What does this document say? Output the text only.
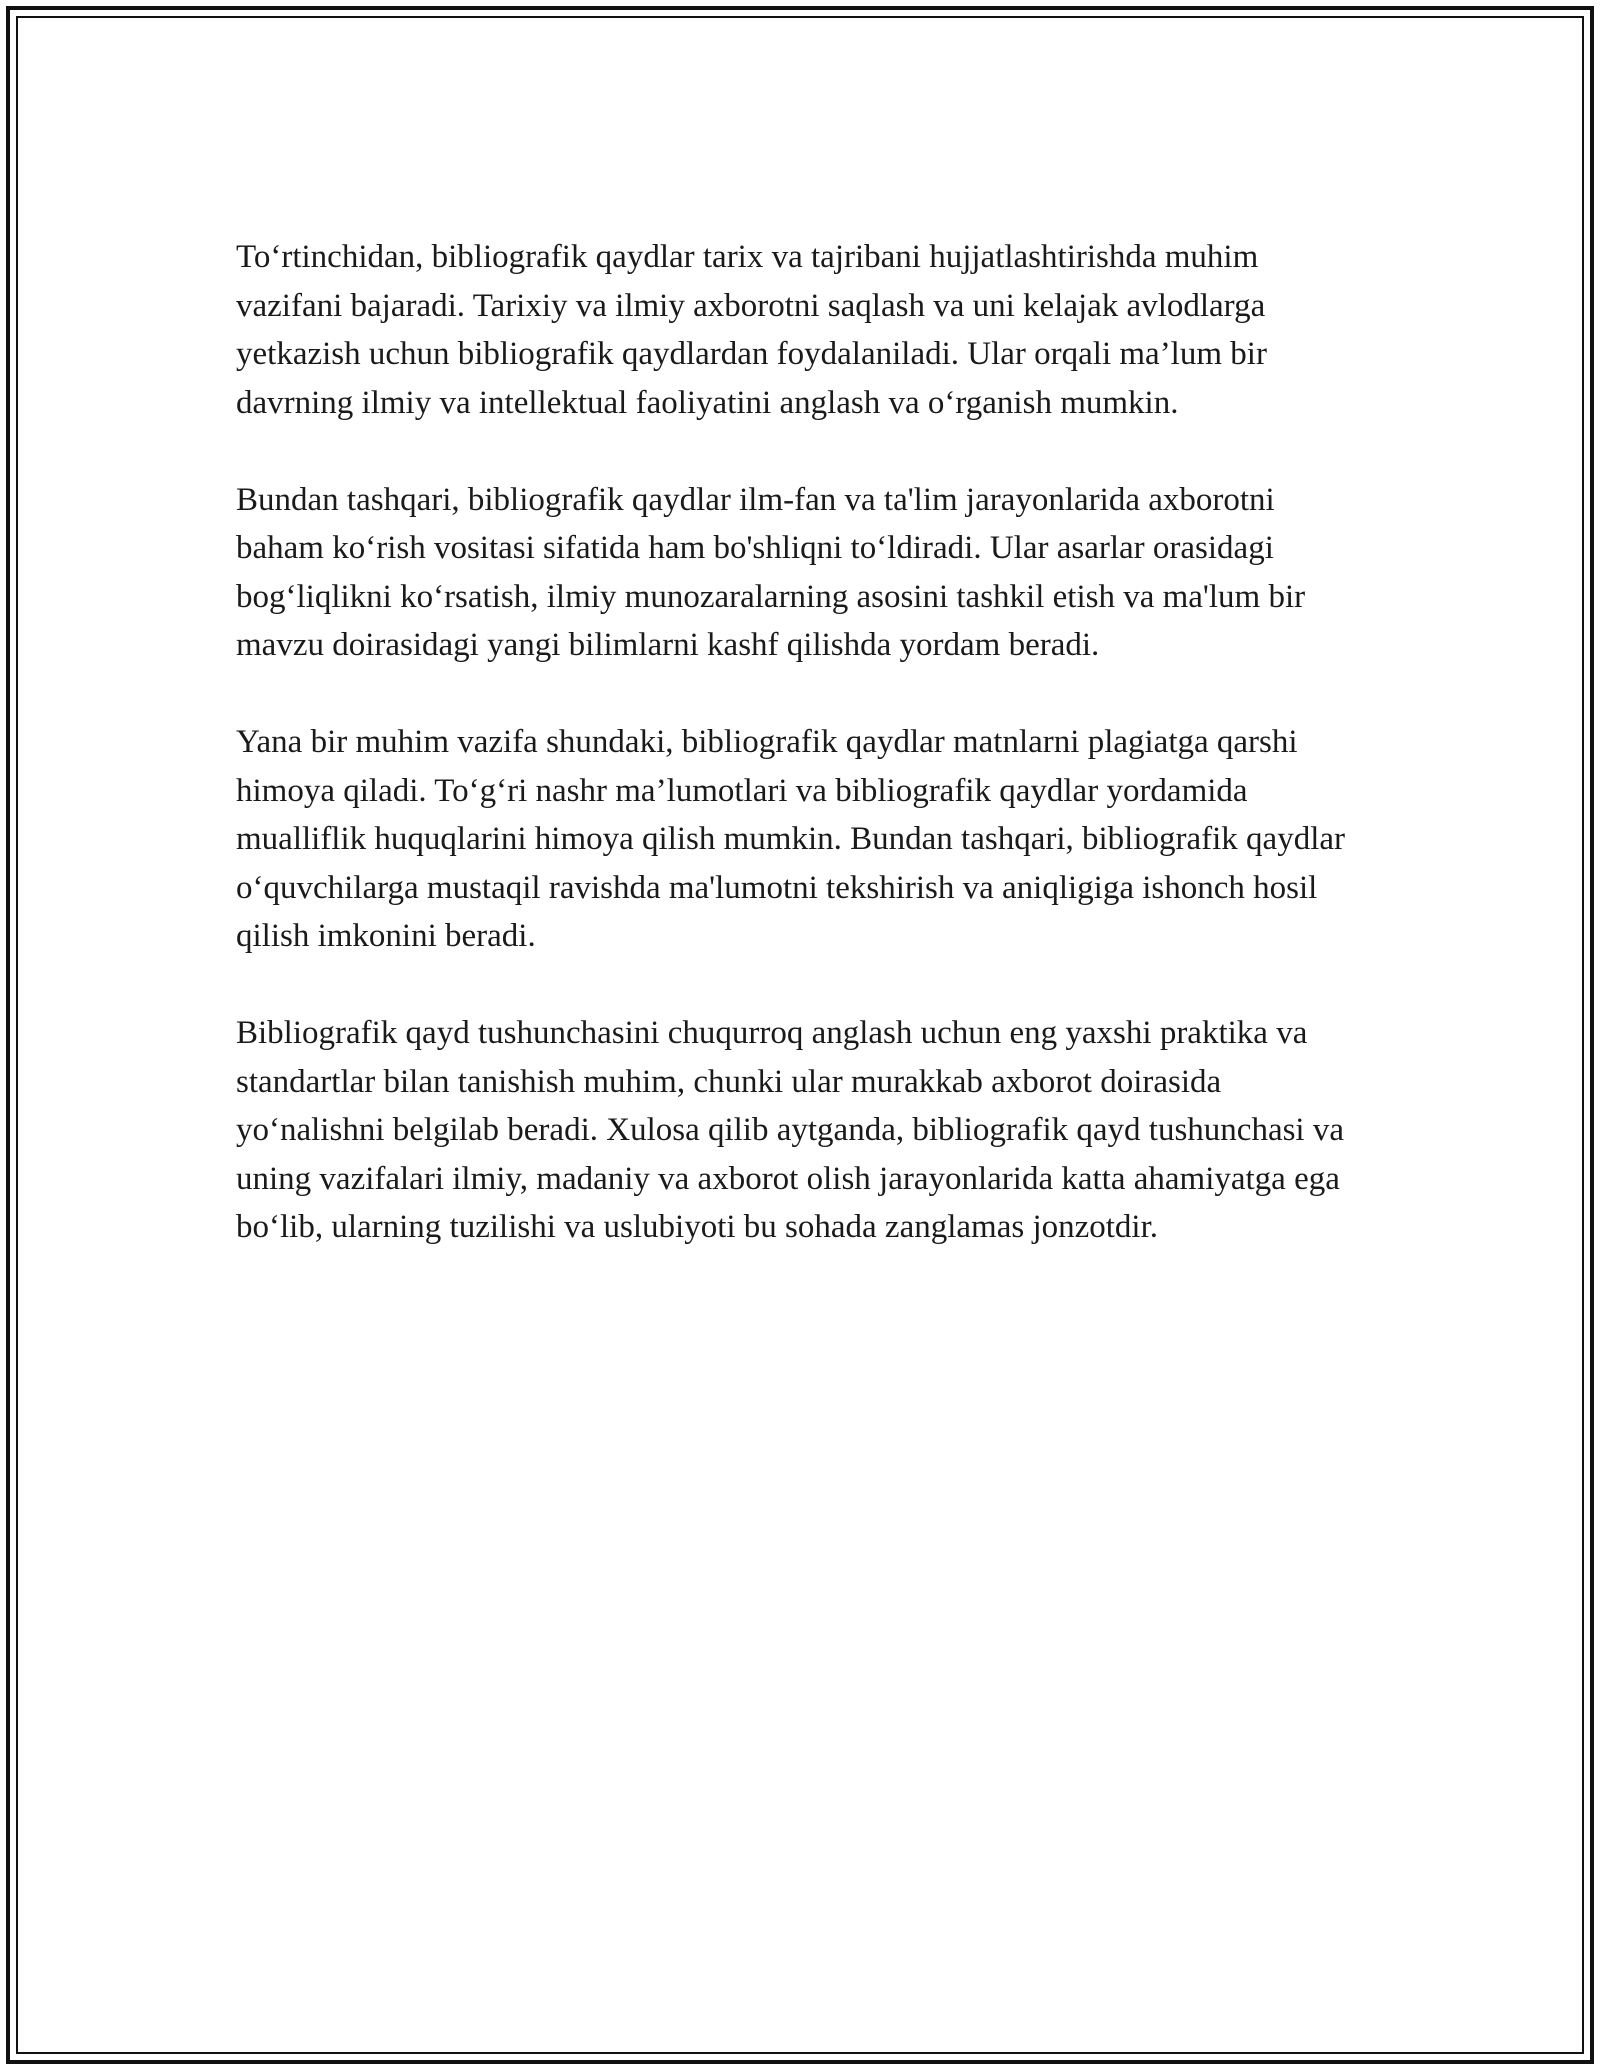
To‘rtinchidan, bibliografik qaydlar tarix va tajribani hujjatlashtirishda muhim vazifani bajaradi. Tarixiy va ilmiy axborotni saqlash va uni kelajak avlodlarga yetkazish uchun bibliografik qaydlardan foydalaniladi. Ular orqali ma’lum bir davrning ilmiy va intellektual faoliyatini anglash va o‘rganish mumkin.

Bundan tashqari, bibliografik qaydlar ilm-fan va ta'lim jarayonlarida axborotni baham ko‘rish vositasi sifatida ham bo'shliqni to‘ldiradi. Ular asarlar orasidagi bog‘liqlikni ko‘rsatish, ilmiy munozaralarning asosini tashkil etish va ma'lum bir mavzu doirasidagi yangi bilimlarni kashf qilishda yordam beradi.

Yana bir muhim vazifa shundaki, bibliografik qaydlar matnlarni plagiatga qarshi himoya qiladi. To‘g‘ri nashr ma’lumotlari va bibliografik qaydlar yordamida mualliflik huquqlarini himoya qilish mumkin. Bundan tashqari, bibliografik qaydlar o‘quvchilarga mustaqil ravishda ma'lumotni tekshirish va aniqligiga ishonch hosil qilish imkonini beradi.

Bibliografik qayd tushunchasini chuqurroq anglash uchun eng yaxshi praktika va standartlar bilan tanishish muhim, chunki ular murakkab axborot doirasida yo‘nalishni belgilab beradi. Xulosa qilib aytganda, bibliografik qayd tushunchasi va uning vazifalari ilmiy, madaniy va axborot olish jarayonlarida katta ahamiyatga ega bo‘lib, ularning tuzilishi va uslubiyoti bu sohada zanglamas jonzotdir.
